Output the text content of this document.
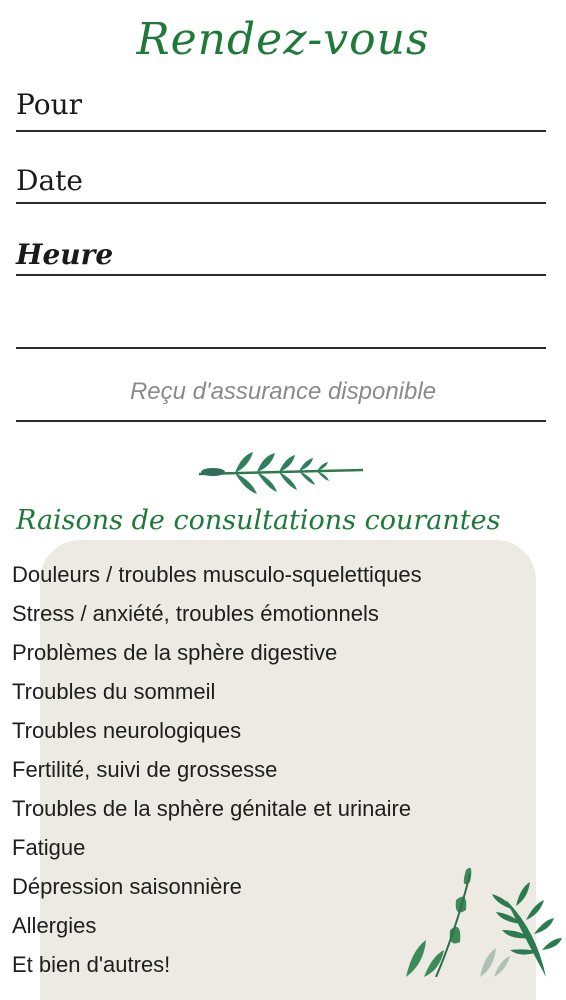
Rendez-vous
Pour
Date
Heure
Reçu d'assurance disponible
Raisons de consultations courantes
Douleurs / troubles musculo-squelettiques
Stress / anxiété, troubles émotionnels
Problèmes de la sphère digestive
Troubles du sommeil
Troubles neurologiques
Fertilité, suivi de grossesse
Troubles de la sphère génitale et urinaire
Fatigue
Dépression saisonnière
Allergies
Et bien d'autres!
